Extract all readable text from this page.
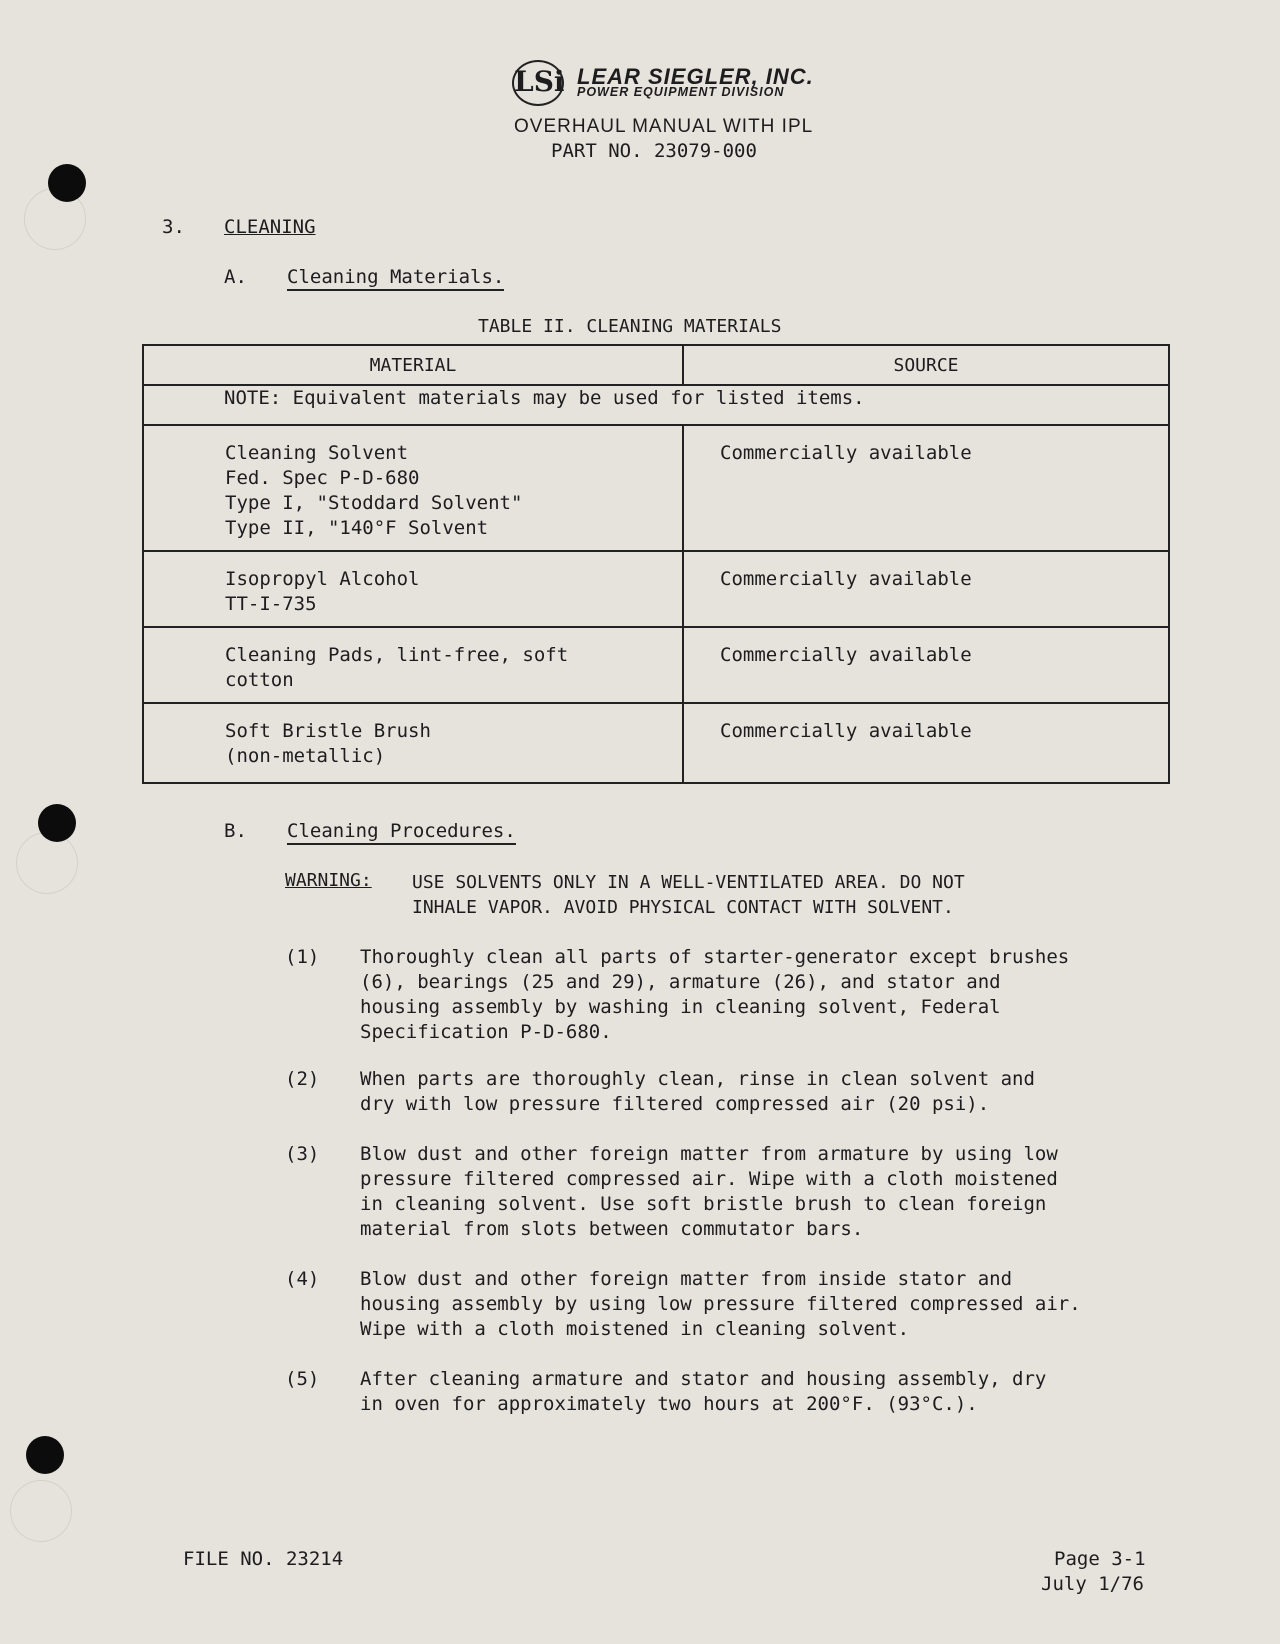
LSi LEAR SIEGLER, INC.
POWER EQUIPMENT DIVISION
OVERHAUL MANUAL WITH IPL
PART NO. 23079-000
3. CLEANING
A. Cleaning Materials.
TABLE II. CLEANING MATERIALS
MATERIAL	SOURCE
NOTE: Equivalent materials may be used for listed items.	

Cleaning Solvent
Fed. Spec P-D-680
Type I, "Stoddard Solvent"
Type II, "140°F Solvent	Commercially available

Isopropyl Alcohol
TT-I-735	Commercially available

Cleaning Pads, lint-free, soft
cotton	Commercially available

Soft Bristle Brush
(non-metallic)	Commercially available
B. Cleaning Procedures.
WARNING: USE SOLVENTS ONLY IN A WELL-VENTILATED AREA. DO NOT
INHALE VAPOR. AVOID PHYSICAL CONTACT WITH SOLVENT.
(1) Thoroughly clean all parts of starter-generator except brushes
(6), bearings (25 and 29), armature (26), and stator and
housing assembly by washing in cleaning solvent, Federal
Specification P-D-680.
(2) When parts are thoroughly clean, rinse in clean solvent and
dry with low pressure filtered compressed air (20 psi).
(3) Blow dust and other foreign matter from armature by using low
pressure filtered compressed air. Wipe with a cloth moistened
in cleaning solvent. Use soft bristle brush to clean foreign
material from slots between commutator bars.
(4) Blow dust and other foreign matter from inside stator and
housing assembly by using low pressure filtered compressed air.
Wipe with a cloth moistened in cleaning solvent.
(5) After cleaning armature and stator and housing assembly, dry
in oven for approximately two hours at 200°F. (93°C.).
FILE NO. 23214	Page 3-1
July 1/76
